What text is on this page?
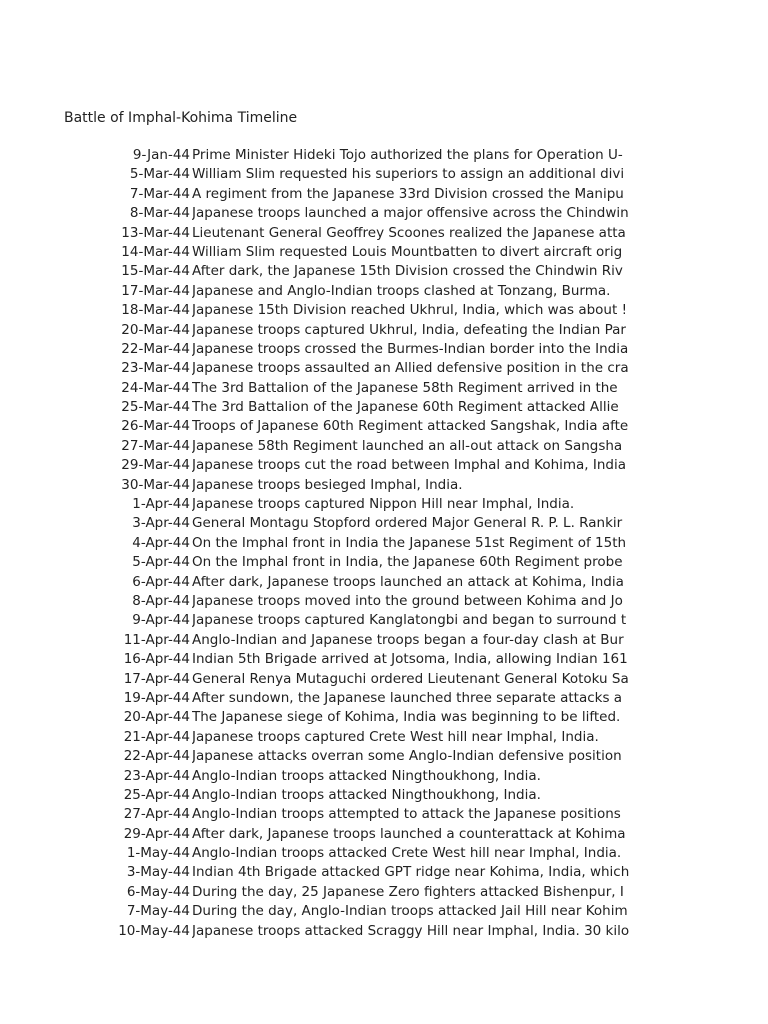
Battle of Imphal-Kohima Timeline
9-Jan-44 Prime Minister Hideki Tojo authorized the plans for Operation U-
5-Mar-44 William Slim requested his superiors to assign an additional divi
7-Mar-44 A regiment from the Japanese 33rd Division crossed the Manipu
8-Mar-44 Japanese troops launched a major offensive across the Chindwin
13-Mar-44 Lieutenant General Geoffrey Scoones realized the Japanese atta
14-Mar-44 William Slim requested Louis Mountbatten to divert aircraft orig
15-Mar-44 After dark, the Japanese 15th Division crossed the Chindwin Riv
17-Mar-44 Japanese and Anglo-Indian troops clashed at Tonzang, Burma.
18-Mar-44 Japanese 15th Division reached Ukhrul, India, which was about !
20-Mar-44 Japanese troops captured Ukhrul, India, defeating the Indian Par
22-Mar-44 Japanese troops crossed the Burmes-Indian border into the India
23-Mar-44 Japanese troops assaulted an Allied defensive position in the cra
24-Mar-44 The 3rd Battalion of the Japanese 58th Regiment arrived in the
25-Mar-44 The 3rd Battalion of the Japanese 60th Regiment attacked Allie
26-Mar-44 Troops of Japanese 60th Regiment attacked Sangshak, India afte
27-Mar-44 Japanese 58th Regiment launched an all-out attack on Sangsha
29-Mar-44 Japanese troops cut the road between Imphal and Kohima, India
30-Mar-44 Japanese troops besieged Imphal, India.
1-Apr-44 Japanese troops captured Nippon Hill near Imphal, India.
3-Apr-44 General Montagu Stopford ordered Major General R. P. L. Rankir
4-Apr-44 On the Imphal front in India the Japanese 51st Regiment of 15th
5-Apr-44 On the Imphal front in India, the Japanese 60th Regiment probe
6-Apr-44 After dark, Japanese troops launched an attack at Kohima, India
8-Apr-44 Japanese troops moved into the ground between Kohima and Jo
9-Apr-44 Japanese troops captured Kanglatongbi and began to surround t
11-Apr-44 Anglo-Indian and Japanese troops began a four-day clash at Bur
16-Apr-44 Indian 5th Brigade arrived at Jotsoma, India, allowing Indian 161
17-Apr-44 General Renya Mutaguchi ordered Lieutenant General Kotoku Sa
19-Apr-44 After sundown, the Japanese launched three separate attacks a
20-Apr-44 The Japanese siege of Kohima, India was beginning to be lifted.
21-Apr-44 Japanese troops captured Crete West hill near Imphal, India.
22-Apr-44 Japanese attacks overran some Anglo-Indian defensive position
23-Apr-44 Anglo-Indian troops attacked Ningthoukhong, India.
25-Apr-44 Anglo-Indian troops attacked Ningthoukhong, India.
27-Apr-44 Anglo-Indian troops attempted to attack the Japanese positions
29-Apr-44 After dark, Japanese troops launched a counterattack at Kohima
1-May-44 Anglo-Indian troops attacked Crete West hill near Imphal, India.
3-May-44 Indian 4th Brigade attacked GPT ridge near Kohima, India, which
6-May-44 During the day, 25 Japanese Zero fighters attacked Bishenpur, I
7-May-44 During the day, Anglo-Indian troops attacked Jail Hill near Kohim
10-May-44 Japanese troops attacked Scraggy Hill near Imphal, India. 30 kilo
